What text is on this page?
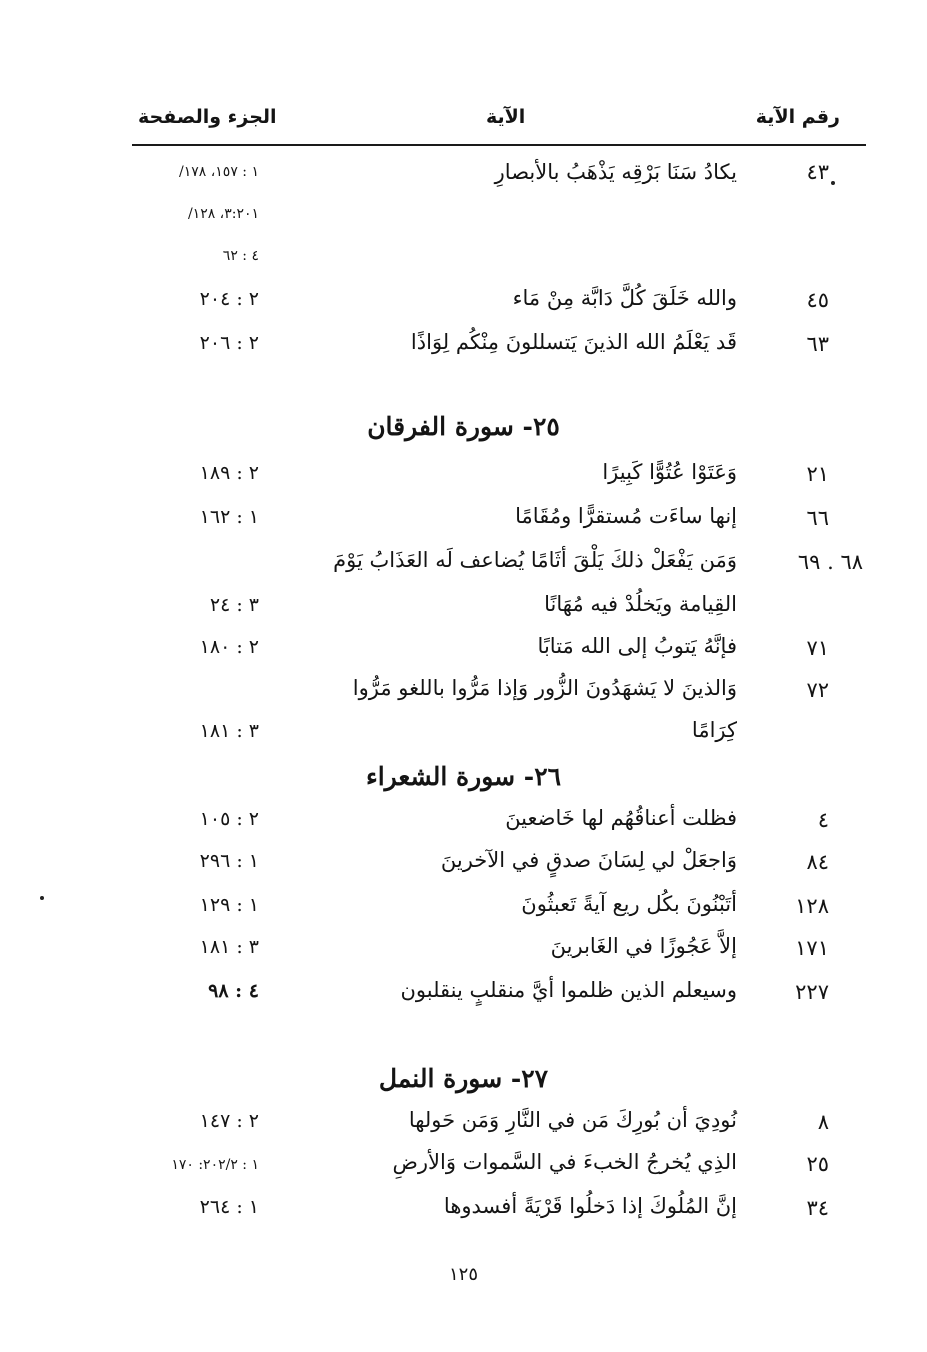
رقم الآية
الآية
الجزء والصفحة
٤٣
يكادُ سَنَا بَرْقِه يَذْهَبُ بالأبصارِ
١ : ١٥٧، ١٧٨/
٣:٢٠١، ١٢٨/
٤ : ٦٢
٤٥
والله خَلَقَ كُلَّ دَابَّة مِنْ مَاء
٢ : ٢٠٤
٦٣
قَد يَعْلَمُ الله الذينَ يَتسللونَ مِنْكُم لِوَاذًا
٢ : ٢٠٦
٢٥- سورة الفرقان
٢١
وَعَتَوْا عُتُوًّا كَبِيرًا
٢ : ١٨٩
٦٦
إنها ساءَت مُستقرًّا ومُقَامًا
١ : ١٦٢
٦٨ . ٦٩
وَمَن يَفْعَلْ ذلكَ يَلْقَ أثَامًا يُضاعف لَه العَذَابُ يَوْمَ
القِيامة ويَخلُدْ فيه مُهَانًا
٣ : ٢٤
٧١
فإنَّهُ يَتوبُ إلى الله مَتابًا
٢ : ١٨٠
٧٢
وَالذينَ لا يَشهَدُونَ الزُّور وَإذا مَرُّوا باللغو مَرُّوا
كِرَامًا
٣ : ١٨١
٢٦- سورة الشعراء
٤
فظلت أعناقُهُم لها خَاضعينَ
٢ : ١٠٥
٨٤
وَاجعَلْ لي لِسَانَ صدقٍ في الآخرينَ
١ : ٢٩٦
١٢٨
أتَبْنُونَ بكُل ريع آيةً تَعبثُونَ
١ : ١٢٩
١٧١
إلاَّ عَجُوزًا في الغَابرينَ
٣ : ١٨١
٢٢٧
وسيعلم الذين ظلموا أيَّ منقلبٍ ينقلبون
٤ : ٩٨
٢٧- سورة النمل
٨
نُودِيَ أن بُورِكَ مَن في النَّارِ وَمَن حَولها
٢ : ١٤٧
٢٥
الذِي يُخرجُ الخبءَ في السَّموات وَالأرضِ
١ : ٢٠٢/٢: ١٧٠
٣٤
إنَّ المُلُوكَ إذا دَخلُوا قَرْيَةً أفسدوها
١ : ٢٦٤
١٢٥
